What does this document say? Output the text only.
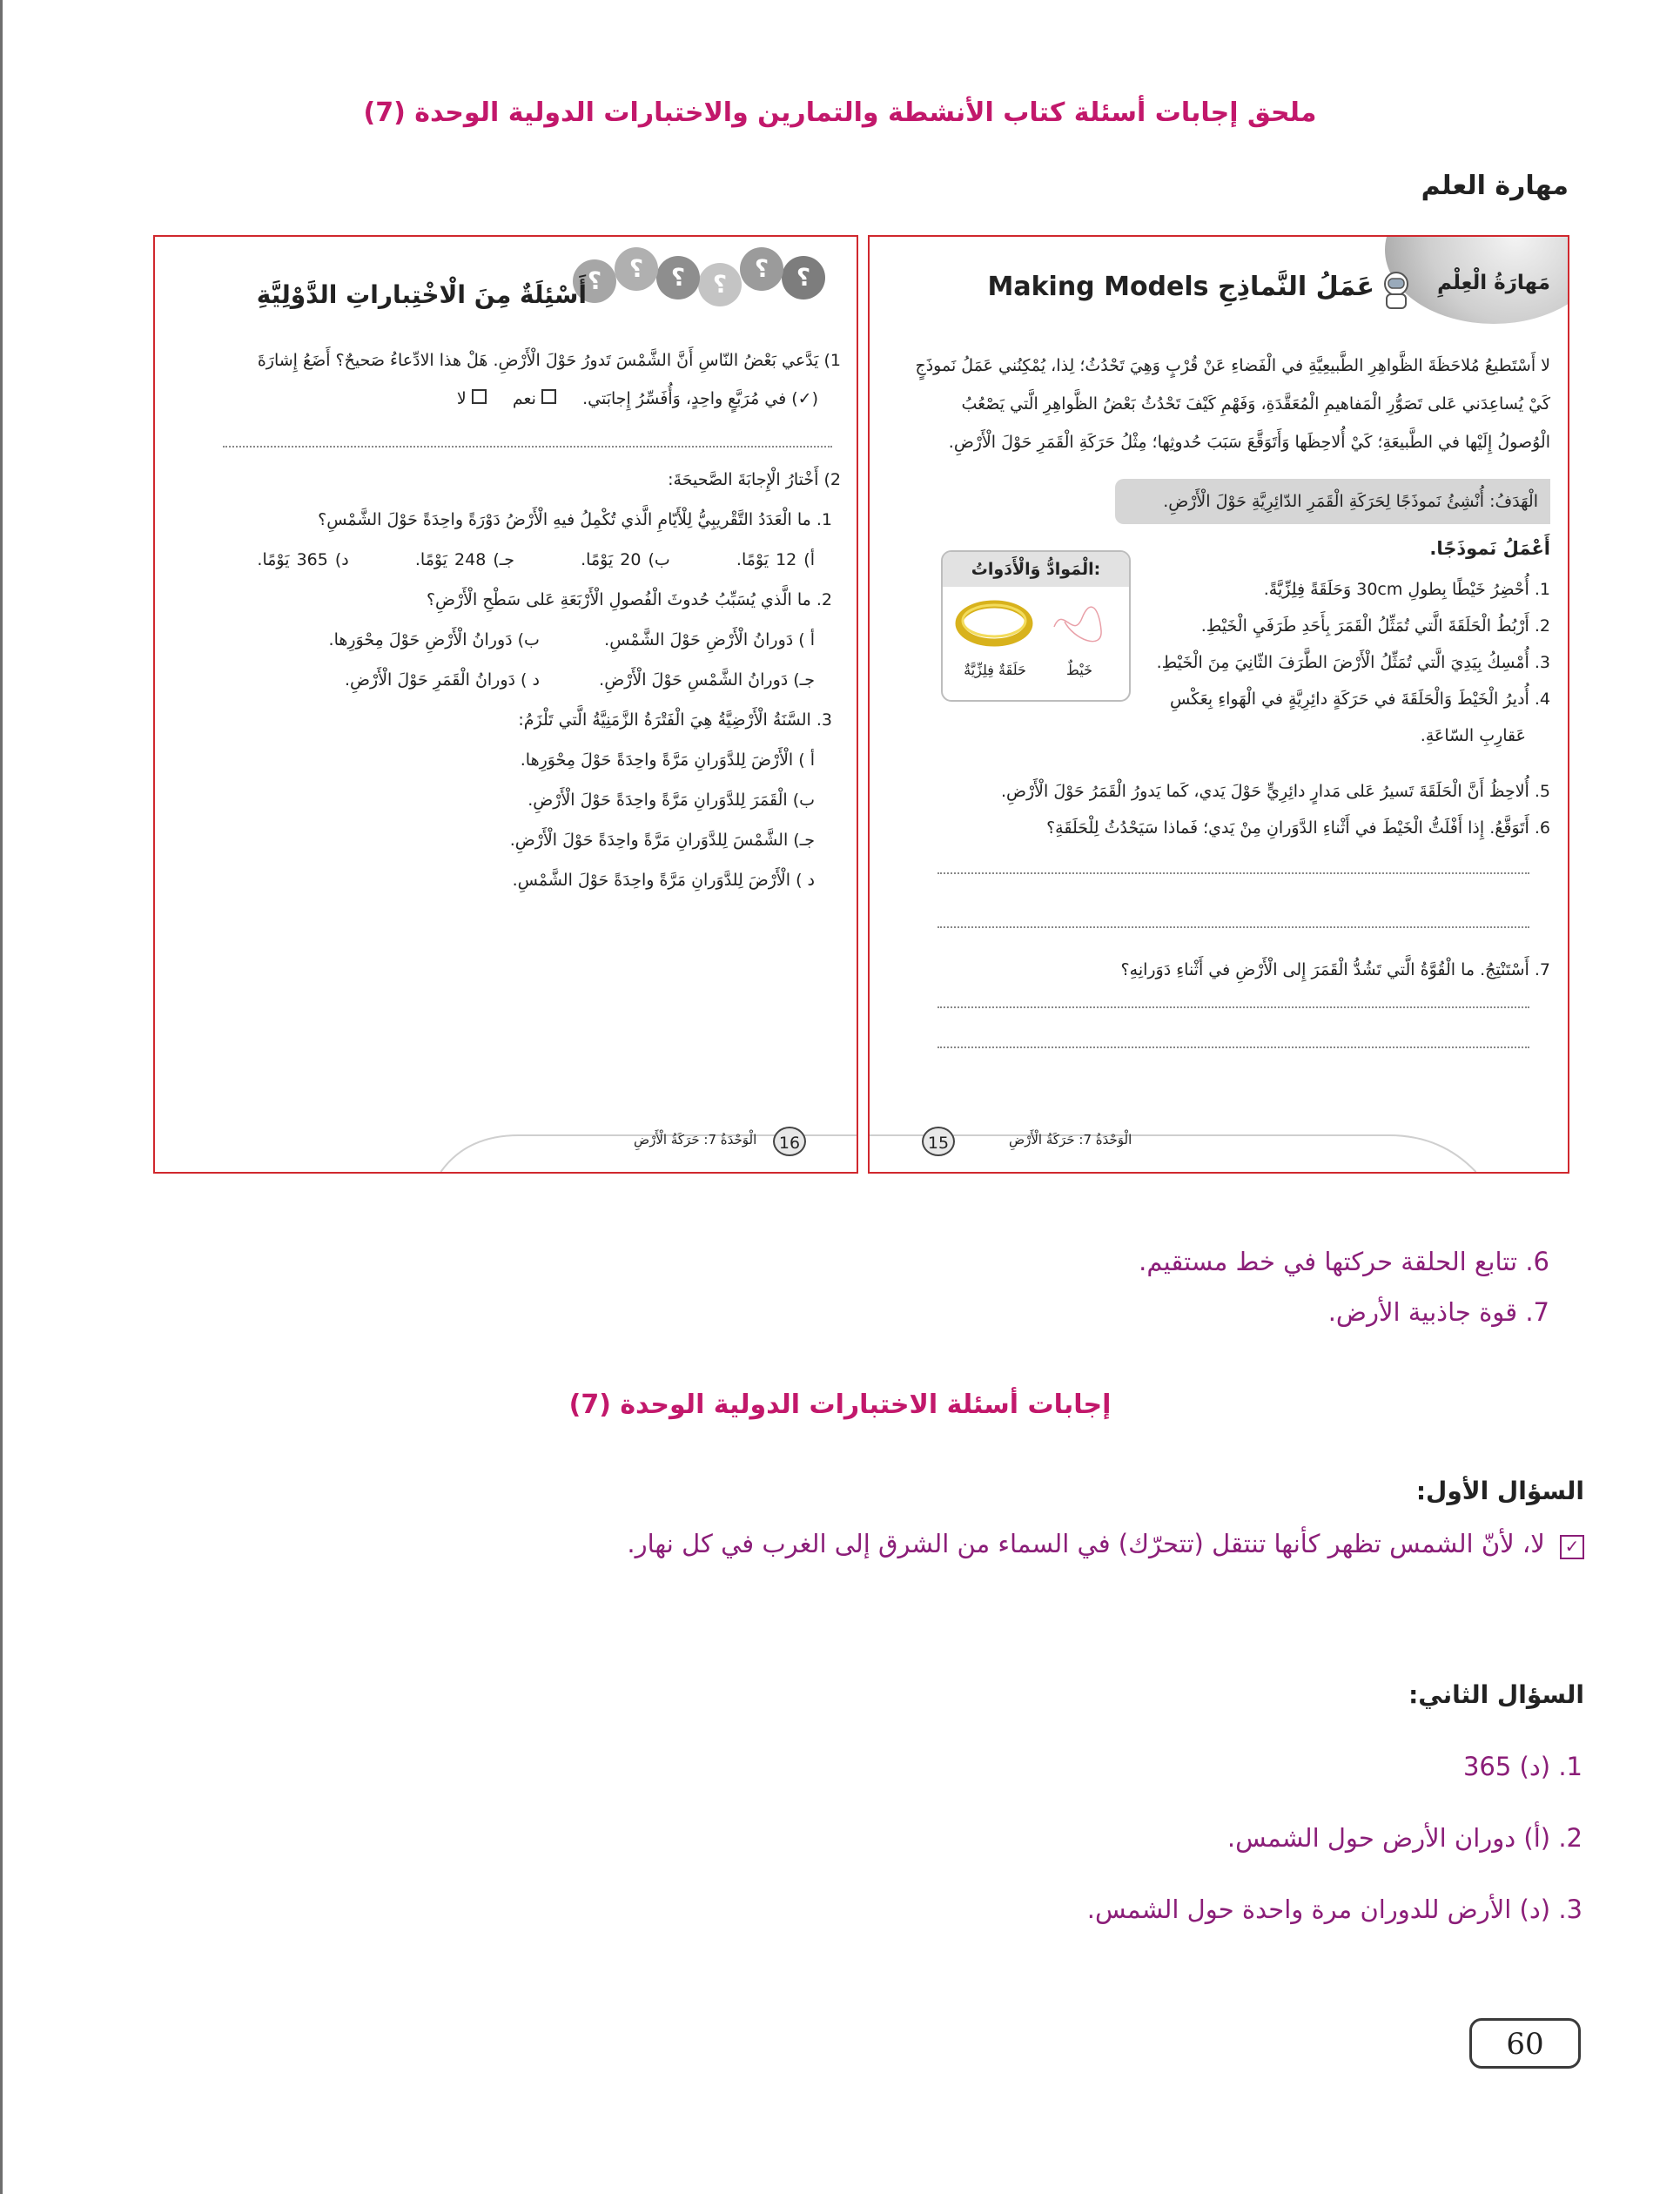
ملحق إجابات أسئلة كتاب الأنشطة والتمارين والاختبارات الدولية الوحدة (7)
مهارة العلم
مَهارَةُ الْعِلْمِ
عَمَلُ النَّماذِجِ Making Models
لا أَسْتَطيعُ مُلاحَظَةَ الظَّواهِرِ الطَّبيعِيَّةِ في الْفَضاءِ عَنْ قُرْبٍ وَهِيَ تَحْدُثُ؛ لِذا، يُمْكِنُني عَمَلُ نَموذَجٍ
كَيْ يُساعِدَني عَلى تَصَوُّرِ الْمَفاهيمِ الْمُعَقَّدَةِ، وَفَهْمِ كَيْفَ تَحْدُثُ بَعْضُ الظَّواهِرِ الَّتي يَصْعُبُ
الْوُصولُ إِلَيْها في الطَّبيعَةِ؛ كَيْ أُلاحِظَها وَأَتَوَقَّعَ سَبَبَ حُدوثِها؛ مِثْلُ حَرَكَةِ الْقَمَرِ حَوْلَ الْأَرْضِ.
الْهَدَفُ: أُنْشِئُ نَموذَجًا لِحَرَكَةِ الْقَمَرِ الدّائِرِيَّةِ حَوْلَ الْأَرْضِ.
الْمَوادُّ وَالْأَدَواتُ:
حَلَقَةٌ فِلِزِّيَّةٌ	خَيْطٌ
أَعْمَلُ نَموذَجًا.
1. أُحْضِرُ خَيْطًا بِطولِ 30cm وَحَلَقَةً فِلِزِّيَّةً.
2. أَرْبُطُ الْحَلَقَةَ الَّتي تُمَثِّلُ الْقَمَرَ بِأَحَدِ طَرَفَيِ الْخَيْطِ.
3. أُمْسِكُ بِيَدِيَ الَّتي تُمَثِّلُ الْأَرْضَ الطَّرَفَ الثّانِيَ مِنَ الْخَيْطِ.
4. أُديرُ الْخَيْطَ وَالْحَلَقَةَ في حَرَكَةٍ دائِرِيَّةٍ في الْهَواءِ بِعَكْسِ
عَقارِبِ السّاعَةِ.
5. أُلاحِظُ أَنَّ الْحَلَقَةَ تَسيرُ عَلى مَدارٍ دائِرِيٍّ حَوْلَ يَدي، كَما يَدورُ الْقَمَرُ حَوْلَ الْأَرْضِ.
6. أَتَوَقَّعُ. إِذا أَفْلَتُّ الْخَيْطَ في أَثْناءِ الدَّوَرانِ مِنْ يَدي؛ فَماذا سَيَحْدُثُ لِلْحَلَقَةِ؟
7. أَسْتَنْتِجُ. ما الْقُوَّةُ الَّتي تَشُدُّ الْقَمَرَ إِلى الْأَرْضِ في أَثْناءِ دَوَرانِهِ؟
15	الْوَحْدَةُ 7: حَرَكَةُ الْأَرْضِ
؟
؟
؟
؟
؟
؟
أَسْئِلَةٌ مِنَ الْاخْتِباراتِ الدَّوْلِيَّةِ
1) يَدَّعي بَعْضُ النّاسِ أَنَّ الشَّمْسَ تَدورُ حَوْلَ الْأَرْضِ. هَلْ هذا الادِّعاءُ صَحيحٌ؟ أَضَعُ إِشارَةَ
(✓) في مُرَبَّعٍ واحِدٍ، وَأُفَسِّرُ إِجابَتي.   نعم   لا
2) أَخْتارُ الْإِجابَةَ الصَّحيحَةَ:
1. ما الْعَدَدُ التَّقْريبِيُّ لِلْأَيّامِ الَّذي تُكْمِلُ فيهِ الْأَرْضُ دَوْرَةً واحِدَةً حَوْلَ الشَّمْسِ؟
أ) 12 يَوْمًا.  ب) 20 يَوْمًا.  جـ) 248 يَوْمًا.  د) 365 يَوْمًا.
2. ما الَّذي يُسَبِّبُ حُدوثَ الْفُصولِ الْأَرْبَعَةِ عَلى سَطْحِ الْأَرْضِ؟
أ ) دَورانُ الْأَرْضِ حَوْلَ الشَّمْسِ. ب) دَورانُ الْأَرْضِ حَوْلَ مِحْوَرِها.
جـ) دَورانُ الشَّمْسِ حَوْلَ الْأَرْضِ. د ) دَورانُ الْقَمَرِ حَوْلَ الْأَرْضِ.
3. السَّنَةُ الْأَرْضِيَّةُ هِيَ الْفَتْرَةُ الزَّمَنِيَّةُ الَّتي تَلْزَمُ:
أ ) الْأَرْضَ لِلدَّوَرانِ مَرَّةً واحِدَةً حَوْلَ مِحْوَرِها.
ب) الْقَمَرَ لِلدَّوَرانِ مَرَّةً واحِدَةً حَوْلَ الْأَرْضِ.
جـ) الشَّمْسَ لِلدَّوَرانِ مَرَّةً واحِدَةً حَوْلَ الْأَرْضِ.
د ) الْأَرْضَ لِلدَّوَرانِ مَرَّةً واحِدَةً حَوْلَ الشَّمْسِ.
16
الْوَحْدَةُ 7: حَرَكَةُ الْأَرْضِ
6. تتابع الحلقة حركتها في خط مستقيم.
7. قوة جاذبية الأرض.
إجابات أسئلة الاختبارات الدولية الوحدة (7)
السؤال الأول:
✓ لا، لأنّ الشمس تظهر كأنها تنتقل (تتحرّك) في السماء من الشرق إلى الغرب في كل نهار.
السؤال الثاني:
1. (د) 365
2. (أ) دوران الأرض حول الشمس.
3. (د) الأرض للدوران مرة واحدة حول الشمس.
60
